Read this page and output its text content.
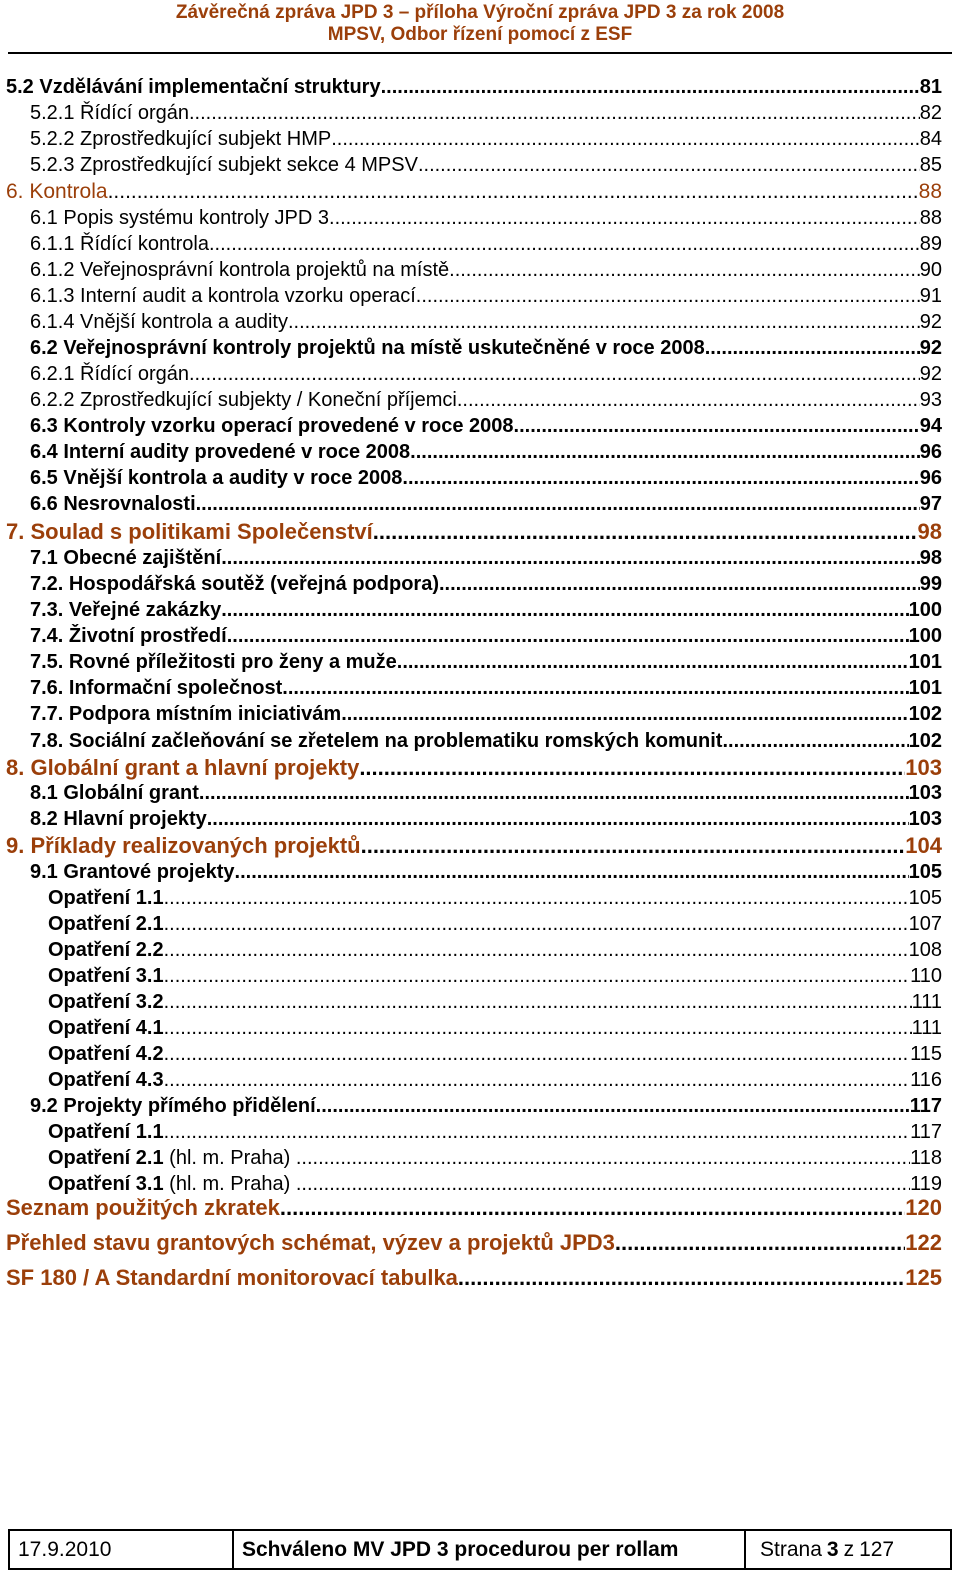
Závěrečná zpráva JPD 3 – příloha Výroční zpráva JPD 3 za rok 2008
MPSV, Odbor řízení pomocí z ESF
5.2 Vzdělávání implementační struktury .....	81
5.2.1 Řídící orgán .....	82
5.2.2 Zprostředkující subjekt HMP .....	84
5.2.3 Zprostředkující subjekt sekce 4 MPSV .....	85
6. Kontrola .....	88
6.1 Popis systému kontroly JPD 3 .....	88
6.1.1 Řídící kontrola .....	89
6.1.2 Veřejnosprávní kontrola projektů na místě .....	90
6.1.3 Interní audit a kontrola vzorku operací .....	91
6.1.4 Vnější kontrola a audity .....	92
6.2 Veřejnosprávní kontroly projektů na místě uskutečněné v roce 2008 .....	92
6.2.1 Řídící orgán .....	92
6.2.2 Zprostředkující subjekty / Koneční příjemci .....	93
6.3 Kontroly vzorku operací provedené v roce 2008 .....	94
6.4 Interní audity provedené v roce 2008 .....	96
6.5 Vnější kontrola a audity v roce 2008 .....	96
6.6 Nesrovnalosti .....	97
7. Soulad s politikami Společenství .....	98
7.1 Obecné zajištění .....	98
7.2. Hospodářská soutěž (veřejná podpora) .....	99
7.3. Veřejné zakázky .....	100
7.4. Životní prostředí .....	100
7.5. Rovné příležitosti pro ženy a muže .....	101
7.6. Informační společnost .....	101
7.7. Podpora místním iniciativám .....	102
7.8. Sociální začleňování se zřetelem na problematiku romských komunit .....	102
8. Globální grant a hlavní projekty .....	103
8.1 Globální grant .....	103
8.2 Hlavní projekty .....	103
9. Příklady realizovaných projektů .....	104
9.1 Grantové projekty .....	105
Opatření 1.1 .....	105
Opatření 2.1 .....	107
Opatření 2.2 .....	108
Opatření 3.1 .....	110
Opatření 3.2 .....	111
Opatření 4.1 .....	111
Opatření 4.2 .....	115
Opatření 4.3 .....	116
9.2 Projekty přímého přidělení .....	117
Opatření 1.1 .....	117
Opatření 2.1 (hl. m. Praha) .....	118
Opatření 3.1 (hl. m. Praha) .....	119
Seznam použitých zkratek .....	120
Přehled stavu grantových schémat, výzev a projektů JPD3 .....	122
SF 180 / A Standardní monitorovací tabulka .....	125
17.9.2010	Schváleno MV JPD 3 procedurou per rollam	Strana 3 z 127
